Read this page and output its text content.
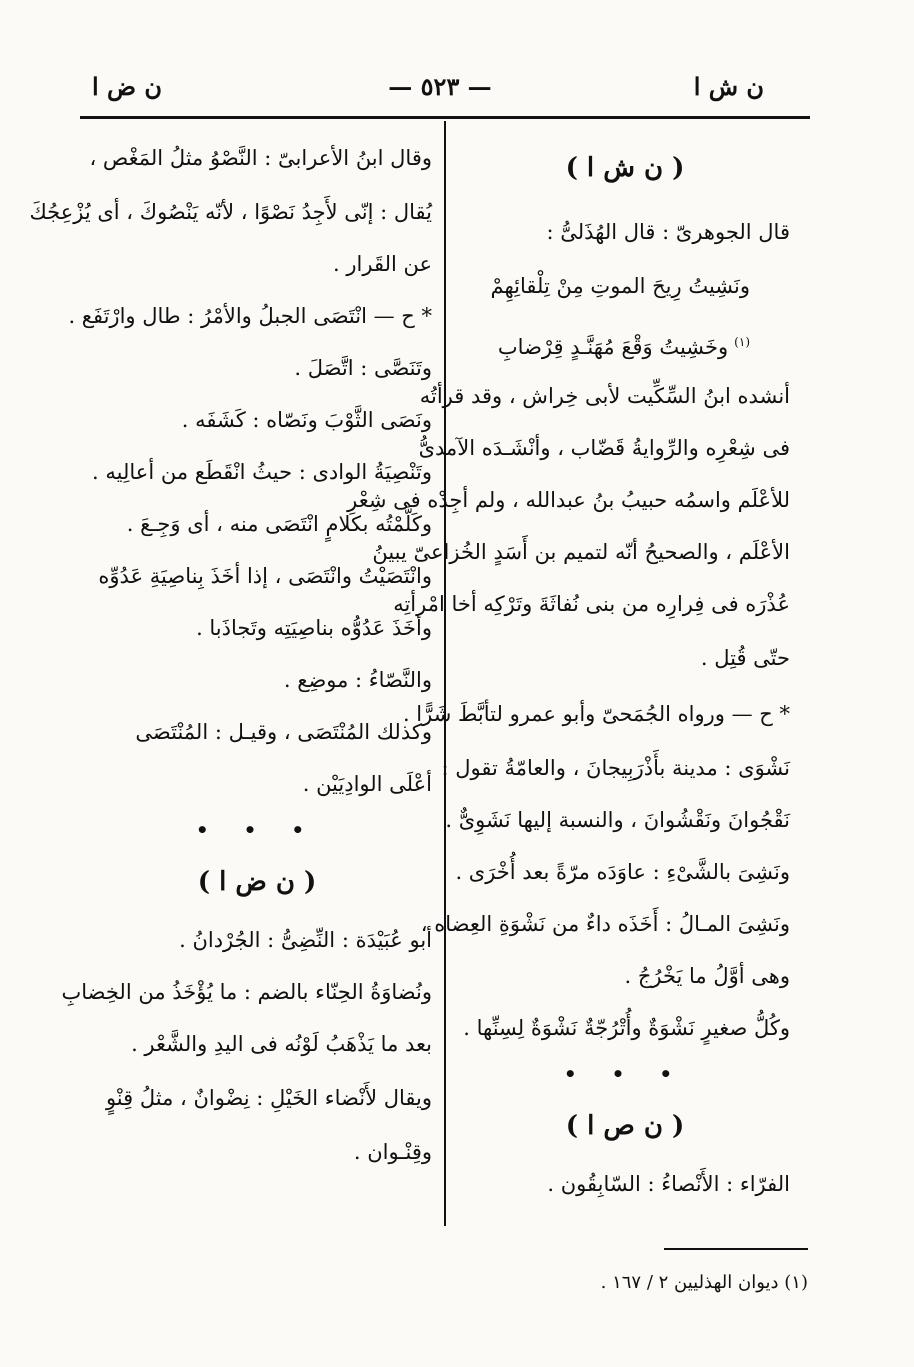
ن ش ا
— ٥٢٣ —
ن ض ا
( ن ش ا )
قال الجوهرىّ : قال الهُذَلىُّ :
ونَشِيتُ رِيحَ الموتِ مِنْ تِلْقائِهِمْ
$^{(١)}$وخَشِيتُ وَقْعَ مُهَنَّـدٍ قِرْضابِ
أنشده ابنُ السِّكِّيت لأبى خِراش ، وقد قرأتُه
فى شِعْرِه والرِّوايةُ قَضّاب ، وأنْشَـدَه الآمدىُّ
للأعْلَم واسمُه حبيبُ بنُ عبدالله ، ولم أجِدْه فى شِعْرِ
الأعْلَم ، والصحيحُ أنّه لتميم بن أَسَدٍ الخُزاعىّ يبينُ
عُذْرَه فى فِرارِه من بنى نُفاثَةَ وتَرْكِه أخا امْرأتِه
حتّى قُتِل .
* ح — ورواه الجُمَحىّ وأبو عمرو لتأبَّطَ شَرًّا .
نَشْوَى : مدينة بأَذْرَبِيجانَ ، والعامّةُ تقول :
نَقْجُوانَ ونَقْشُوانَ ، والنسبة إليها نَشَوِىٌّ .
ونَشِىَ بالشَّىْءِ : عاوَدَه مرّةً بعد أُخْرَى .
ونَشِىَ المـالُ : أَخَذَه داءٌ من نَشْوَةِ العِضاه ،
وهى أوَّلُ ما يَخْرُجُ .
وكُلُّ صغيرٍ نَشْوَةٌ وأُتْرُجّةٌ نَشْوَةٌ لِسِنِّها .
• • •
( ن ص ا )
الفرّاء : الأَنْصاءُ : السّابِقُون .
وقال ابنُ الأعرابىّ : النَّصْوُ مثلُ المَغْص ،
يُقال : إنّى لأَجِدُ نَصْوًا ، لأنّه يَنْصُوكَ ، أى يُزْعِجُكَ
عن القَرار .
* ح — انْتَصَى الجبلُ والأمْرُ : طال وارْتَفَع .
وتَنَصَّى : اتَّصَلَ .
ونَصَى الثَّوْبَ ونَصّاه : كَشَفَه .
وتَنْصِيَةُ الوادى : حيثُ انْقَطَع من أعالِيه .
وكَلَّمْتُه بكلامٍ انْتَصَى منه ، أى وَجِـعَ .
وانْتَصَيْتُ وانْتَصَى ، إذا أخَذَ بِناصِيَةِ عَدُوِّه
وأخَذَ عَدُوُّه بناصِيَتِه وتَجاذَبا .
والنَّصّاءُ : موضِع .
وكذلك المُنْتَصَى ، وقيـل : المُنْتَصَى
أعْلَى الوادِيَيْن .
• • •
( ن ض ا )
أبو عُبَيْدَة : النِّضِىُّ : الجُرْدانُ .
ونُضاوَةُ الحِنّاء بالضم : ما يُؤْخَذُ من الخِضابِ
بعد ما يَذْهَبُ لَوْنُه فى اليدِ والشَّعْر .
ويقال لأَنْضاء الخَيْلِ : نِضْوانٌ ، مثلُ قِنْوٍ
وقِنْـوان .
(١) ديوان الهذليين ٢ / ١٦٧ .
